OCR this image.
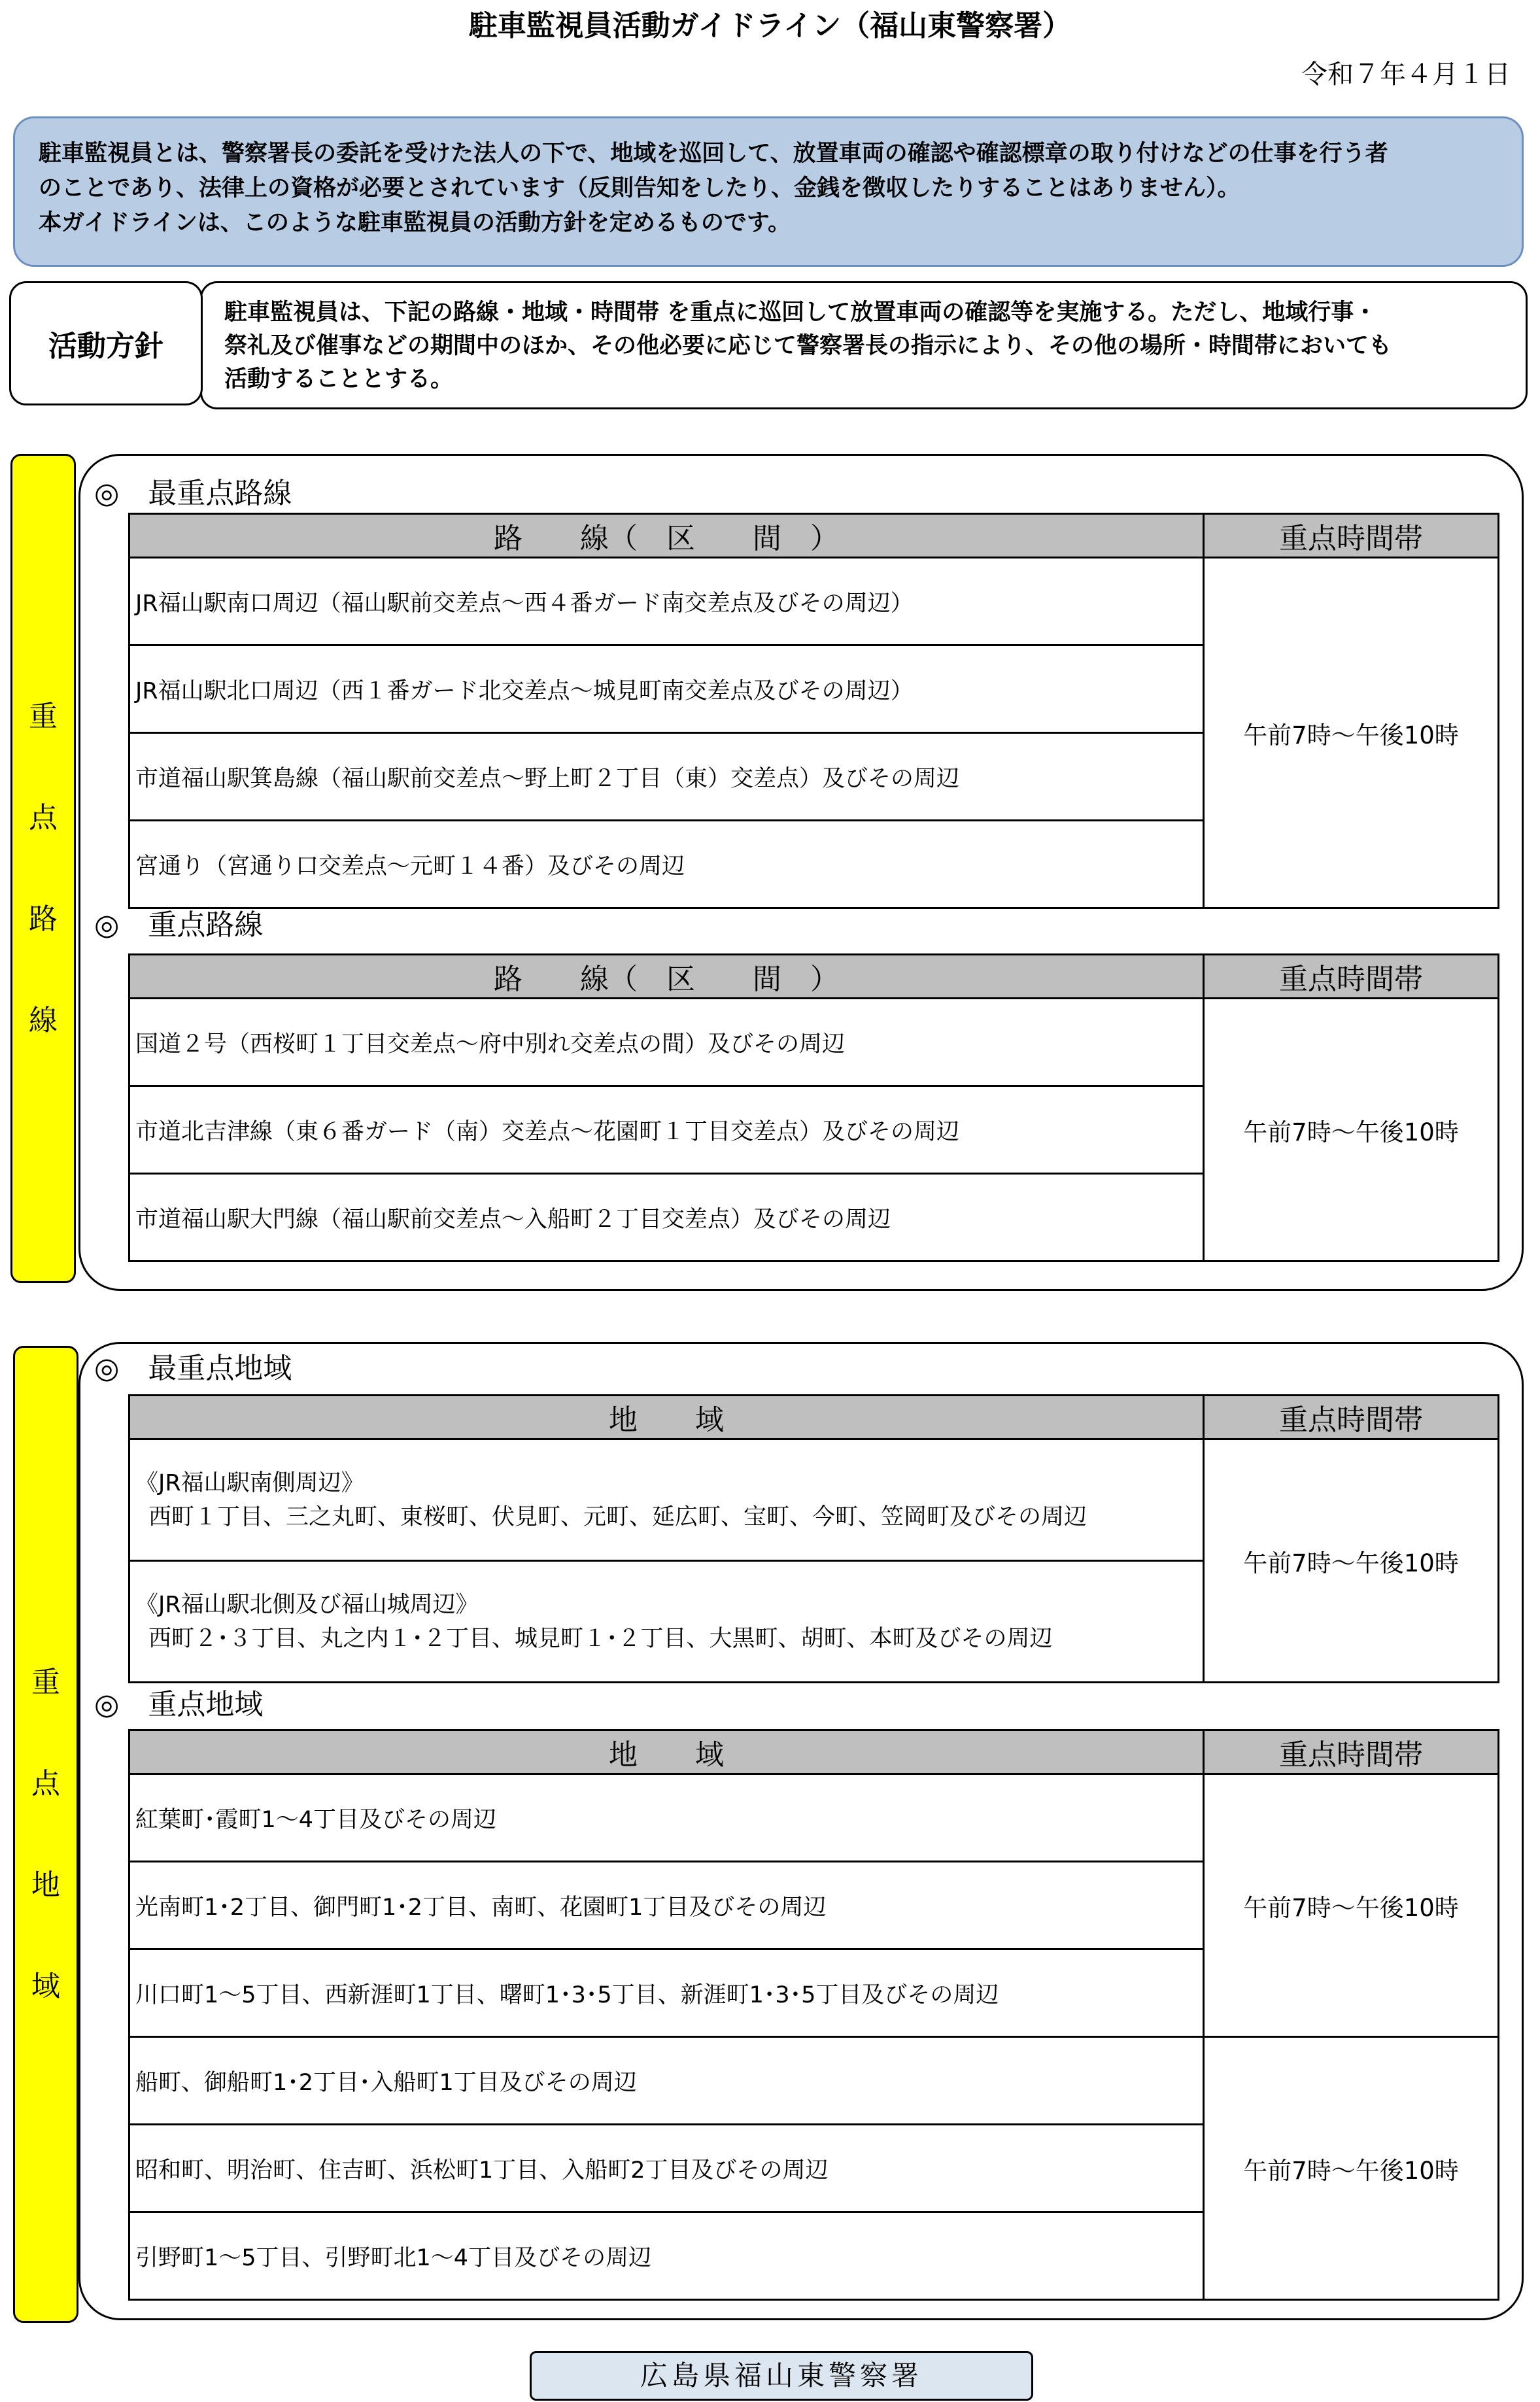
駐車監視員活動ガイドライン（福山東警察署）
令和７年４月１日
駐車監視員とは、警察署長の委託を受けた法人の下で、地域を巡回して、放置車両の確認や確認標章の取り付けなどの仕事を行う者
のことであり、法律上の資格が必要とされています（反則告知をしたり、金銭を徴収したりすることはありません）。
本ガイドラインは、このような駐車監視員の活動方針を定めるものです。
駐車監視員は、下記の路線・地域・時間帯 を重点に巡回して放置車両の確認等を実施する。ただし、地域行事・
祭礼及び催事などの期間中のほか、その他必要に応じて警察署長の指示により、その他の場所・時間帯においても
活動することとする。
活動方針
重
点
路
線
◎　最重点路線
路　　線（　区　　間　）	重点時間帯
JR福山駅南口周辺（福山駅前交差点～西４番ガード南交差点及びその周辺）	午前7時～午後10時
JR福山駅北口周辺（西１番ガード北交差点～城見町南交差点及びその周辺）	
市道福山駅箕島線（福山駅前交差点～野上町２丁目（東）交差点）及びその周辺	
宮通り（宮通り口交差点～元町１４番）及びその周辺	
◎　重点路線
路　　線（　区　　間　）	重点時間帯
国道２号（西桜町１丁目交差点～府中別れ交差点の間）及びその周辺	午前7時～午後10時
市道北吉津線（東６番ガード（南）交差点～花園町１丁目交差点）及びその周辺	
市道福山駅大門線（福山駅前交差点～入船町２丁目交差点）及びその周辺	
重
点
地
域
◎　最重点地域
地　　域	重点時間帯

《JR福山駅南側周辺》
西町１丁目、三之丸町、東桜町、伏見町、元町、延広町、宝町、今町、笠岡町及びその周辺	午前7時～午後10時

《JR福山駅北側及び福山城周辺》
西町２･３丁目、丸之内１･２丁目、城見町１･２丁目、大黒町、胡町、本町及びその周辺	
◎　重点地域
地　　域	重点時間帯
紅葉町･霞町1～4丁目及びその周辺	午前7時～午後10時
光南町1･2丁目、御門町1･2丁目、南町、花園町1丁目及びその周辺	
川口町1～5丁目、西新涯町1丁目、曙町1･3･5丁目、新涯町1･3･5丁目及びその周辺	
船町、御船町1･2丁目･入船町1丁目及びその周辺	午前7時～午後10時
昭和町、明治町、住吉町、浜松町1丁目、入船町2丁目及びその周辺	
引野町1～5丁目、引野町北1～4丁目及びその周辺	
広島県福山東警察署
